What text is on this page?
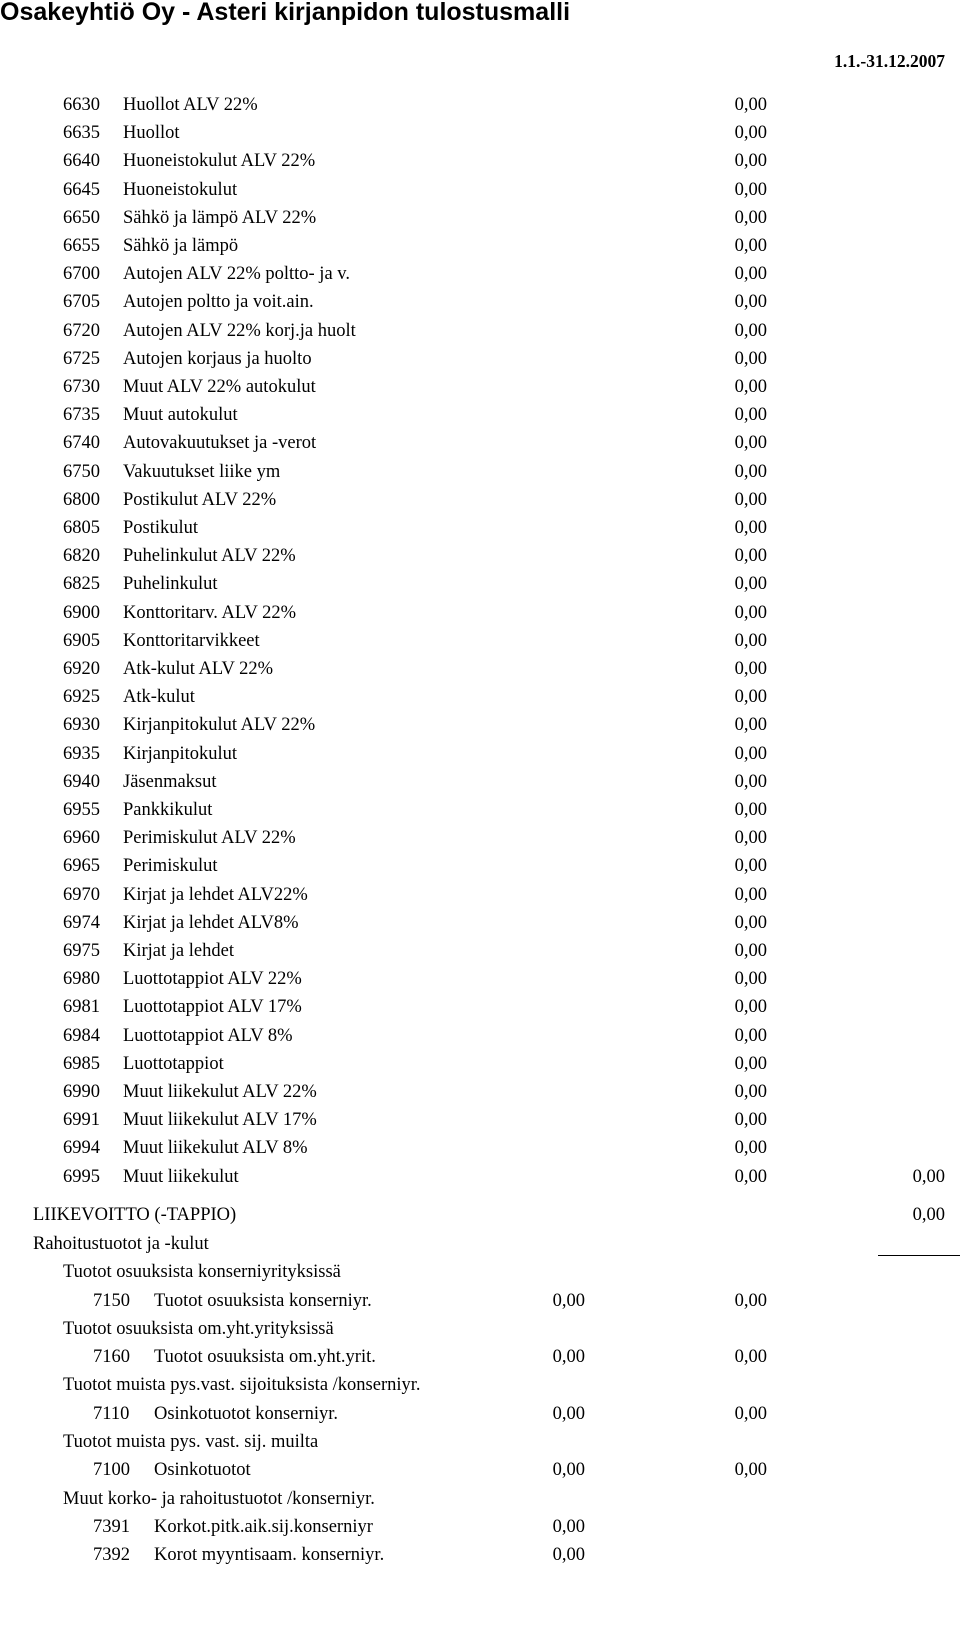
Osakeyhtiö Oy - Asteri kirjanpidon tulostusmalli
1.1.-31.12.2007
6630 Huollot ALV 22%	0,00
6635 Huollot	0,00
6640 Huoneistokulut ALV 22%	0,00
6645 Huoneistokulut	0,00
6650 Sähkö ja lämpö ALV 22%	0,00
6655 Sähkö ja lämpö	0,00
6700 Autojen ALV 22% poltto- ja v.	0,00
6705 Autojen poltto ja voit.ain.	0,00
6720 Autojen ALV 22% korj.ja huolt	0,00
6725 Autojen korjaus ja huolto	0,00
6730 Muut ALV 22% autokulut	0,00
6735 Muut autokulut	0,00
6740 Autovakuutukset ja -verot	0,00
6750 Vakuutukset liike ym	0,00
6800 Postikulut ALV 22%	0,00
6805 Postikulut	0,00
6820 Puhelinkulut ALV 22%	0,00
6825 Puhelinkulut	0,00
6900 Konttoritarv. ALV 22%	0,00
6905 Konttoritarvikkeet	0,00
6920 Atk-kulut ALV 22%	0,00
6925 Atk-kulut	0,00
6930 Kirjanpitokulut ALV 22%	0,00
6935 Kirjanpitokulut	0,00
6940 Jäsenmaksut	0,00
6955 Pankkikulut	0,00
6960 Perimiskulut ALV 22%	0,00
6965 Perimiskulut	0,00
6970 Kirjat ja lehdet ALV22%	0,00
6974 Kirjat ja lehdet ALV8%	0,00
6975 Kirjat ja lehdet	0,00
6980 Luottotappiot ALV 22%	0,00
6981 Luottotappiot ALV 17%	0,00
6984 Luottotappiot ALV 8%	0,00
6985 Luottotappiot	0,00
6990 Muut liikekulut ALV 22%	0,00
6991 Muut liikekulut ALV 17%	0,00
6994 Muut liikekulut ALV 8%	0,00
6995 Muut liikekulut	0,00	0,00
LIIKEVOITTO (-TAPPIO)	0,00
Rahoitustuotot ja -kulut
Tuotot osuuksista konserniyrityksissä
7150 Tuotot osuuksista konserniyr.	0,00	0,00
Tuotot osuuksista om.yht.yrityksissä
7160 Tuotot osuuksista om.yht.yrit.	0,00	0,00
Tuotot muista pys.vast. sijoituksista /konserniyr.
7110 Osinkotuotot konserniyr.	0,00	0,00
Tuotot muista pys. vast. sij. muilta
7100 Osinkotuotot	0,00	0,00
Muut korko- ja rahoitustuotot /konserniyr.
7391 Korkot.pitk.aik.sij.konserniyr	0,00
7392 Korot myyntisaam. konserniyr.	0,00
